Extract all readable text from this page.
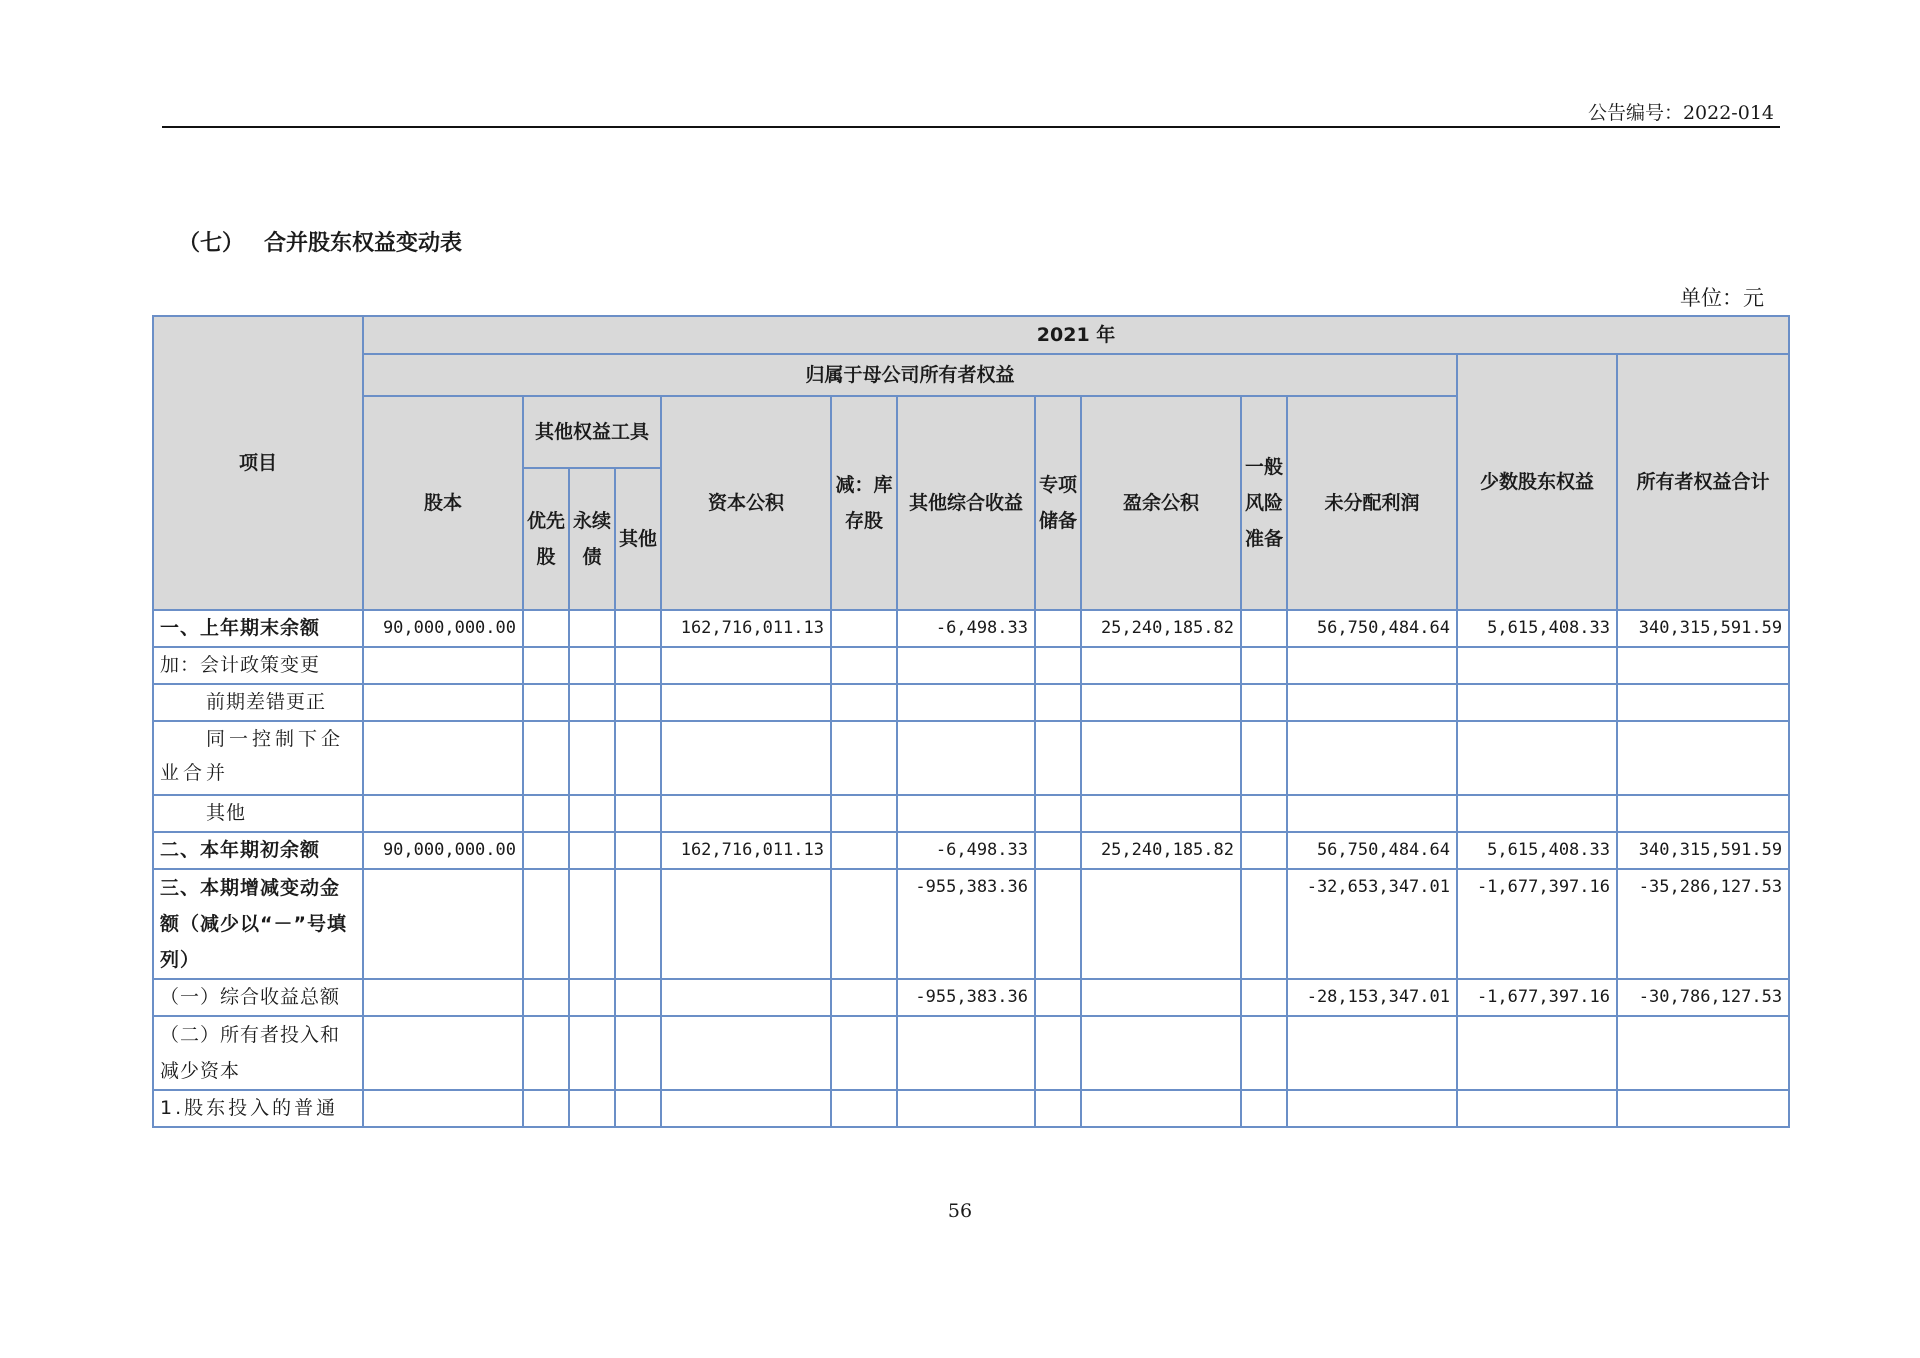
公告编号：2022-014
（七） 合并股东权益变动表
单位：元
项目	2021 年												
	归属于母公司所有者权益											少数股东权益	所有者权益合计
	股本	其他权益工具			资本公积	减：库存股	其他综合收益	专项储备	盈余公积	一般风险准备	未分配利润		
		优先股	永续债	其他									
一、上年期末余额	90,000,000.00				162,716,011.13		-6,498.33		25,240,185.82		56,750,484.64	5,615,408.33	340,315,591.59
加：会计政策变更													
前期差错更正													
同一控制下企业合并													
其他													
二、本年期初余额	90,000,000.00				162,716,011.13		-6,498.33		25,240,185.82		56,750,484.64	5,615,408.33	340,315,591.59
三、本期增减变动金额（减少以“－”号填列）							-955,383.36				-32,653,347.01	-1,677,397.16	-35,286,127.53
（一）综合收益总额							-955,383.36				-28,153,347.01	-1,677,397.16	-30,786,127.53
（二）所有者投入和减少资本													
1.股东投入的普通													
56
